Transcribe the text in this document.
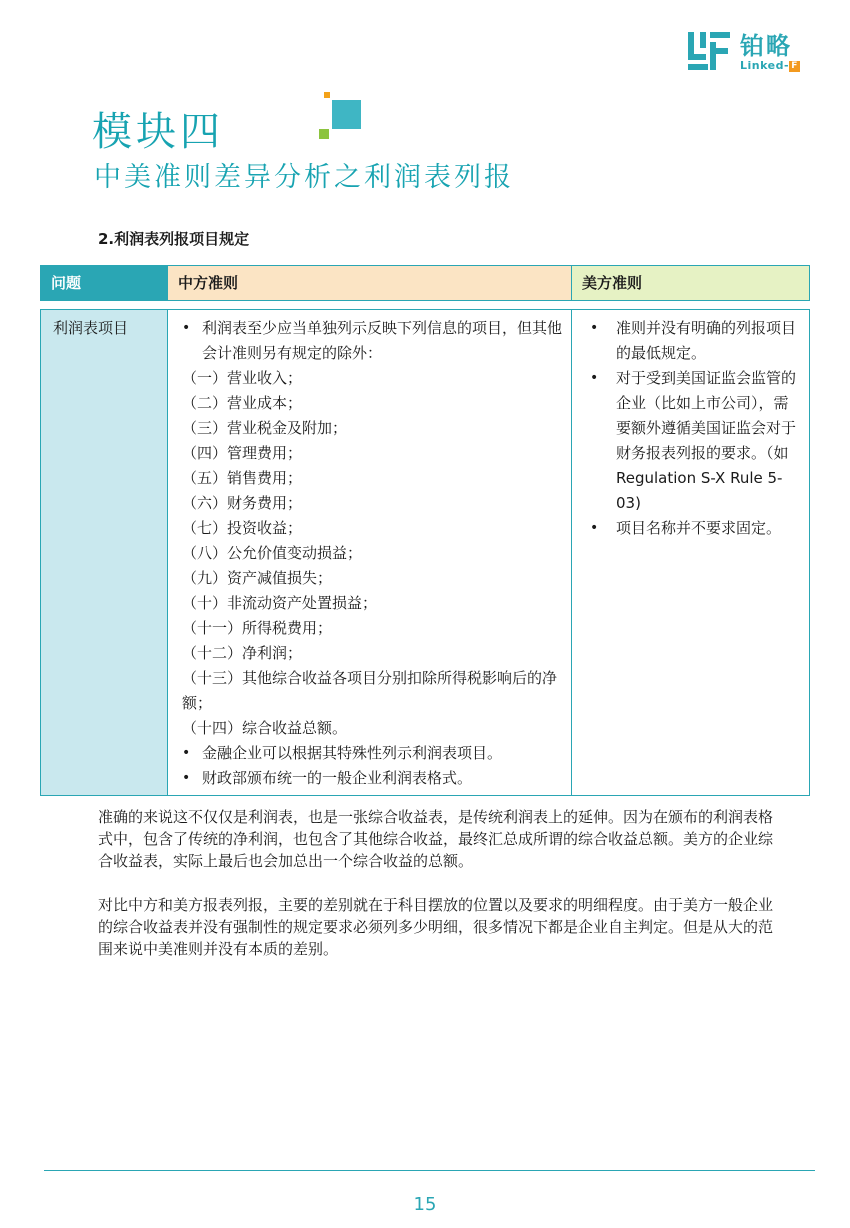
铂略
Linked- F
模块四
中美准则差异分析之利润表列报
2.利润表列报项目规定
问题	中方准则	美方准则
利润表项目
•	利润表至少应当单独列示反映下列信息的项目，但其他会计准则另有规定的除外：
（一）营业收入；
（二）营业成本；
（三）营业税金及附加；
（四）管理费用；
（五）销售费用；
（六）财务费用；
（七）投资收益；
（八）公允价值变动损益；
（九）资产减值损失；
（十）非流动资产处置损益；
（十一）所得税费用；
（十二）净利润；
（十三）其他综合收益各项目分别扣除所得税影响后的净额；
（十四）综合收益总额。
• 金融企业可以根据其特殊性列示利润表项目。
• 财政部颁布统一的一般企业利润表格式。
• 准则并没有明确的列报项目的最低规定。
• 对于受到美国证监会监管的企业（比如上市公司），需要额外遵循美国证监会对于财务报表列报的要求。（如Regulation S-X Rule 5-03)
• 项目名称并不要求固定。

准确的来说这不仅仅是利润表，也是一张综合收益表，是传统利润表上的延伸。因为在颁布的利润表格式中，包含了传统的净利润，也包含了其他综合收益，最终汇总成所谓的综合收益总额。美方的企业综合收益表，实际上最后也会加总出一个综合收益的总额。

对比中方和美方报表列报，主要的差别就在于科目摆放的位置以及要求的明细程度。由于美方一般企业的综合收益表并没有强制性的规定要求必须列多少明细，很多情况下都是企业自主判定。但是从大的范围来说中美准则并没有本质的差别。

15
